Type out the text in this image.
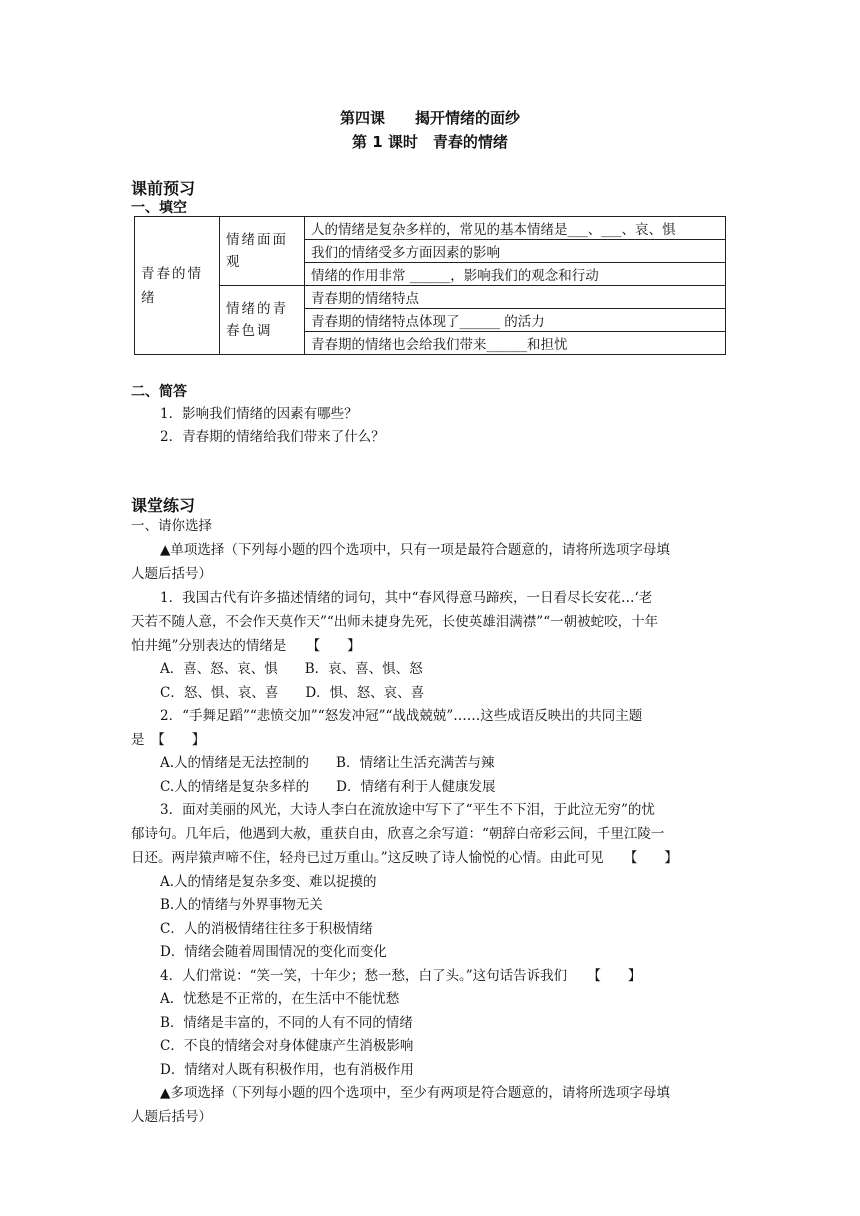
第四课　　揭开情绪的面纱
第 1 课时　青春的情绪
课前预习
一、填空
青春的情绪	情绪面面观	人的情绪是复杂多样的，常见的基本情绪是___、___、哀、惧
		我们的情绪受多方面因素的影响
		情绪的作用非常 ______，影响我们的观念和行动
	情绪的青春色调	青春期的情绪特点
		青春期的情绪特点体现了______ 的活力
		青春期的情绪也会给我们带来______和担忧
二、简答
1．影响我们情绪的因素有哪些？
2．青春期的情绪给我们带来了什么？
课堂练习
一、请你选择
▲单项选择（下列每小题的四个选项中，只有一项是最符合题意的，请将所选项字母填
人题后括号）
1．我国古代有许多描述情绪的词句，其中“春风得意马蹄疾，一日看尽长安花…‘老
天若不随人意，不会作天莫作天”“出师未捷身先死，长使英雄泪满襟”“一朝被蛇咬，十年
怕井绳”分别表达的情绪是　　【　　】
A．喜、怒、哀、惧　　B．哀、喜、惧、怒
C．怒、惧、哀、喜　　D．惧、怒、哀、喜
2．“手舞足蹈”“悲愤交加”“怒发冲冠”“战战兢兢”……这些成语反映出的共同主题
是　【　　】
A.人的情绪是无法控制的　　B．情绪让生活充满苦与辣
C.人的情绪是复杂多样的　　D．情绪有利于人健康发展
3．面对美丽的风光，大诗人李白在流放途中写下了“平生不下泪，于此泣无穷”的忧
郁诗句。几年后，他遇到大赦，重获自由，欣喜之余写道：“朝辞白帝彩云间，千里江陵一
日还。两岸猿声啼不住，轻舟已过万重山。”这反映了诗人愉悦的心情。由此可见　　【　　】
A.人的情绪是复杂多变、难以捉摸的
B.人的情绪与外界事物无关
C．人的消极情绪往往多于积极情绪
D．情绪会随着周围情况的变化而变化
4．人们常说：“笑一笑，十年少；愁一愁，白了头。”这句话告诉我们　　【　　】
A．忧愁是不正常的，在生活中不能忧愁
B．情绪是丰富的，不同的人有不同的情绪
C．不良的情绪会对身体健康产生消极影响
D．情绪对人既有积极作用，也有消极作用
▲多项选择（下列每小题的四个选项中，至少有两项是符合题意的，请将所选项字母填
人题后括号）
